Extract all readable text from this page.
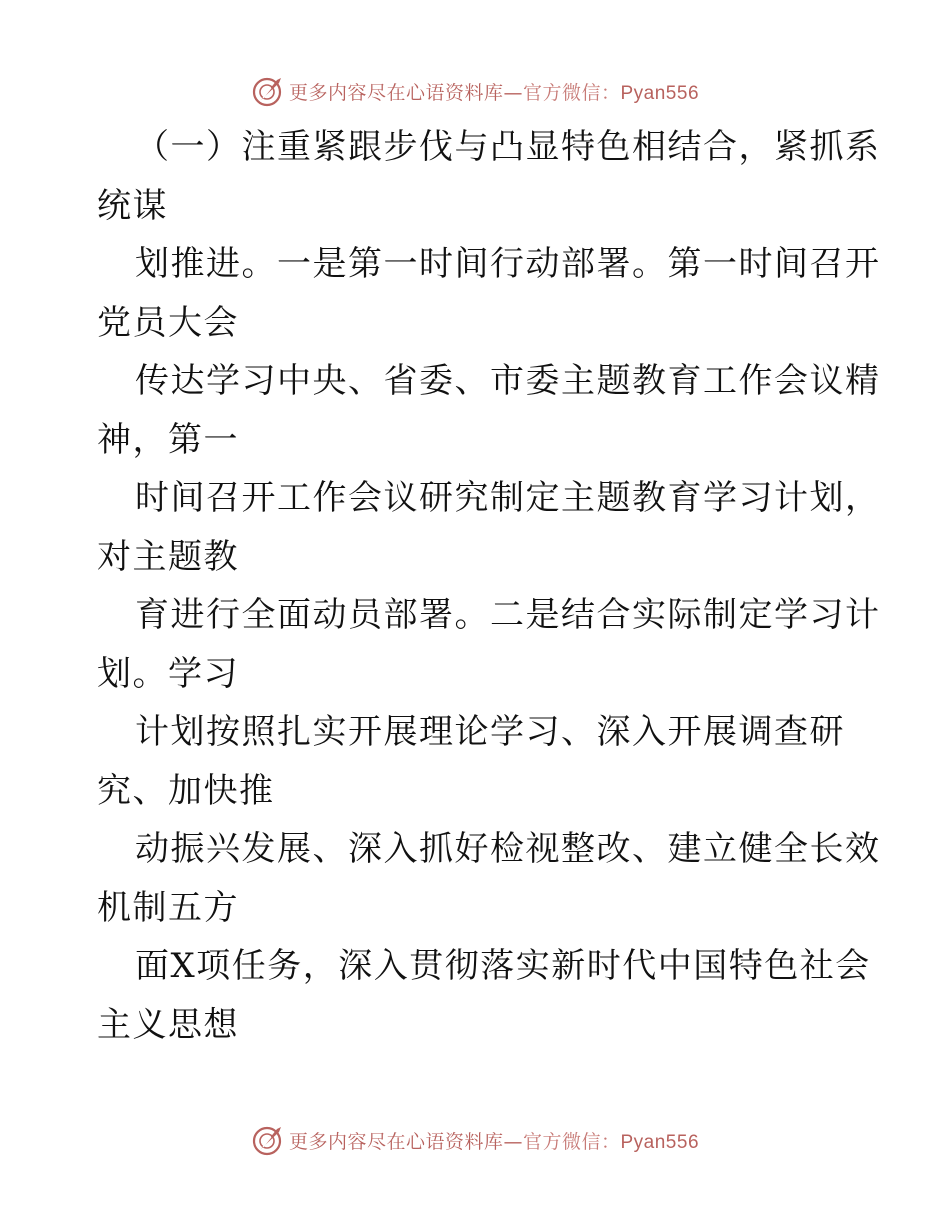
更多内容尽在心语资料库—官方微信：Pyan556
（一）注重紧跟步伐与凸显特色相结合，紧抓系
统谋
划推进。一是第一时间行动部署。第一时间召开
党员大会
传达学习中央、省委、市委主题教育工作会议精
神，第一
时间召开工作会议研究制定主题教育学习计划，
对主题教
育进行全面动员部署。二是结合实际制定学习计
划。学习
计划按照扎实开展理论学习、深入开展调查研
究、加快推
动振兴发展、深入抓好检视整改、建立健全长效
机制五方
面X项任务，深入贯彻落实新时代中国特色社会
主义思想
更多内容尽在心语资料库—官方微信：Pyan556
